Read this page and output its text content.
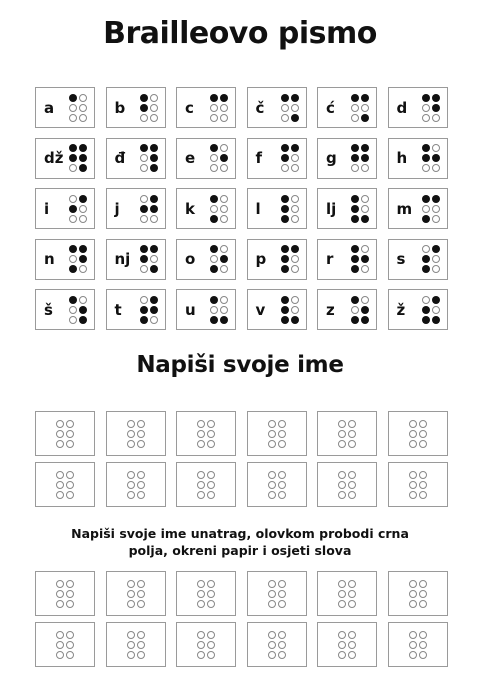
Brailleovo pismo
a	b	c	č	ć	d
dž	đ	e	f	g	h
i	j	k	l	lj	m
n	nj	o	p	r	s
š	t	u	v	z	ž
Napiši svoje ime
Napiši svoje ime unatrag, olovkom probodi crna
polja, okreni papir i osjeti slova
